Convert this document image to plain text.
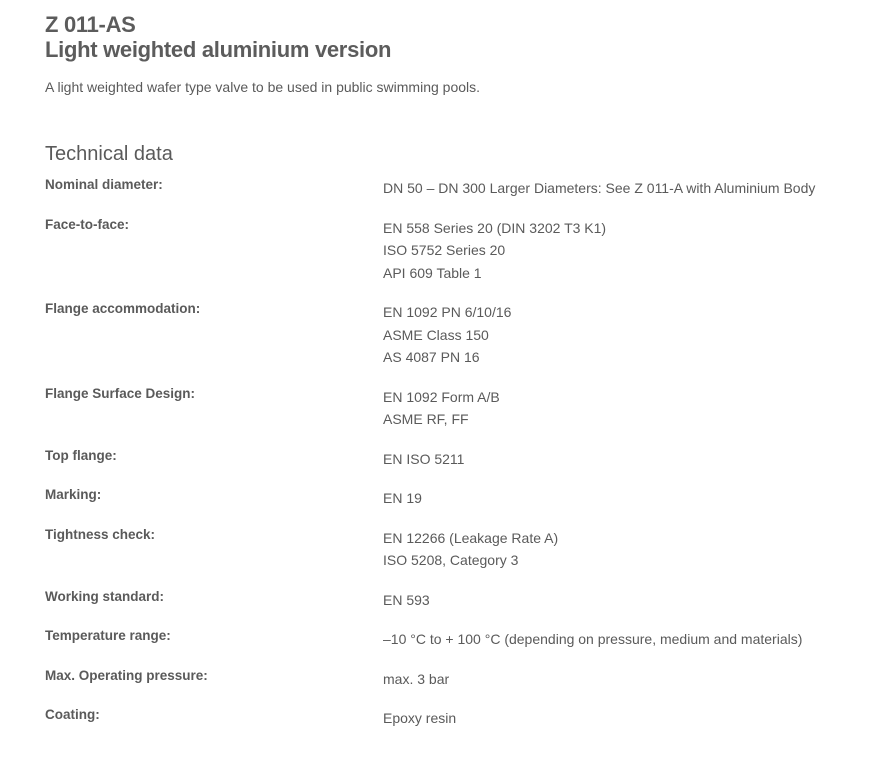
Z 011-AS
Light weighted aluminium version

A light weighted wafer type valve to be used in public swimming pools.

Technical data
Nominal diameter:	DN 50 – DN 300 Larger Diameters: See Z 011-A with Aluminium Body

Face-to-face:	EN 558 Series 20 (DIN 3202 T3 K1)
ISO 5752 Series 20
API 609 Table 1

Flange accommodation:	EN 1092 PN 6/10/16
ASME Class 150
AS 4087 PN 16

Flange Surface Design:	EN 1092 Form A/B
ASME RF, FF

Top flange:	EN ISO 5211

Marking:	EN 19

Tightness check:	EN 12266 (Leakage Rate A)
ISO 5208, Category 3

Working standard:	EN 593

Temperature range:	–10 °C to + 100 °C (depending on pressure, medium and materials)

Max. Operating pressure:	max. 3 bar

Coating:	Epoxy resin
